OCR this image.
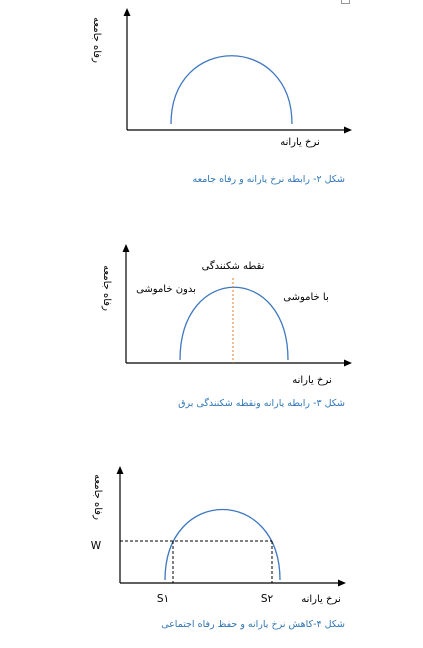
رفاه جامعه
نرخ یارانه
شکل ۲- رابطه نرخ یارانه و رفاه جامعه
نقطه شکنندگی
بدون خاموشی
با خاموشی
رفاه جامعه
نرخ یارانه
شکل ۳- رابطه یارانه ونقطه شکنندگی برق
W
S۱	S۲
رفاه جامعه
نرخ یارانه
شکل ۴-کاهش نرخ یارانه و حفظ رفاه اجتماعی
